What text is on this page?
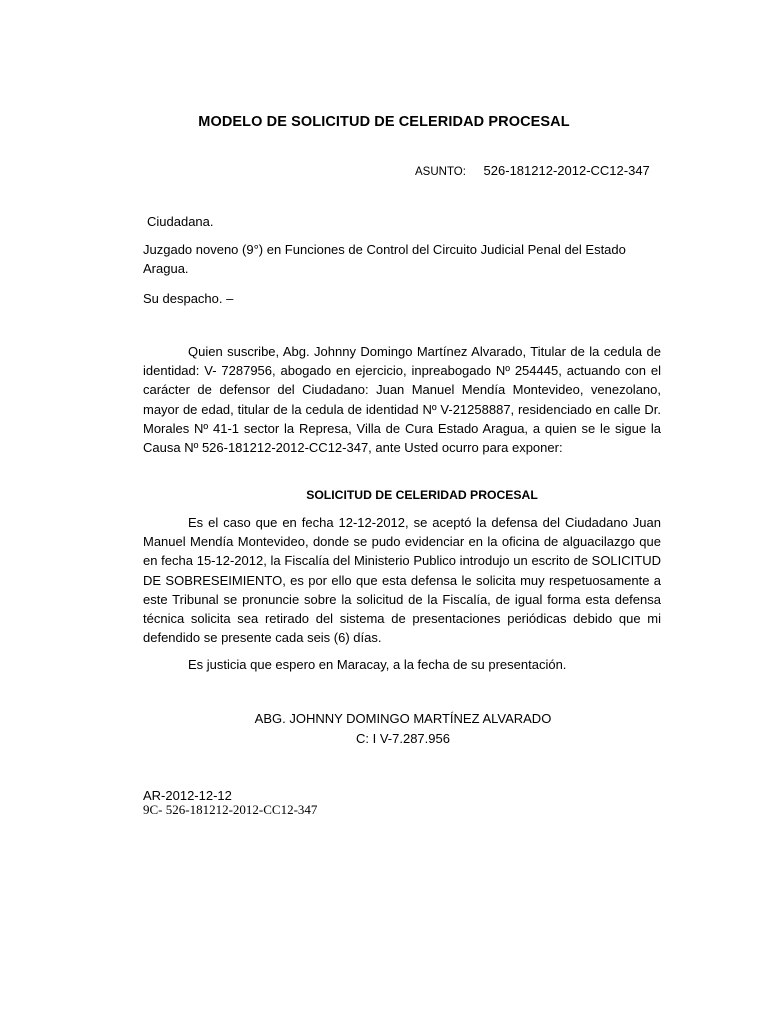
MODELO DE SOLICITUD DE CELERIDAD PROCESAL
ASUNTO: 526-181212-2012-CC12-347
Ciudadana.
Juzgado noveno (9°) en Funciones de Control del Circuito Judicial Penal del Estado Aragua.
Su despacho. –
Quien suscribe, Abg. Johnny Domingo Martínez Alvarado, Titular de la cedula de identidad: V- 7287956, abogado en ejercicio, inpreabogado Nº 254445, actuando con el carácter de defensor del Ciudadano: Juan Manuel Mendía Montevideo, venezolano, mayor de edad, titular de la cedula de identidad Nº V-21258887, residenciado en calle Dr. Morales Nº 41-1 sector la Represa, Villa de Cura Estado Aragua, a quien se le sigue la Causa Nº 526-181212-2012-CC12-347, ante Usted ocurro para exponer:
SOLICITUD DE CELERIDAD PROCESAL
Es el caso que en fecha 12-12-2012, se aceptó la defensa del Ciudadano Juan Manuel Mendía Montevideo, donde se pudo evidenciar en la oficina de alguacilazgo que en fecha 15-12-2012, la Fiscalía del Ministerio Publico introdujo un escrito de SOLICITUD DE SOBRESEIMIENTO, es por ello que esta defensa le solicita muy respetuosamente a este Tribunal se pronuncie sobre la solicitud de la Fiscalía, de igual forma esta defensa técnica solicita sea retirado del sistema de presentaciones periódicas debido que mi defendido se presente cada seis (6) días.
Es justicia que espero en Maracay, a la fecha de su presentación.
ABG. JOHNNY DOMINGO MARTÍNEZ ALVARADO
C: I V-7.287.956
AR-2012-12-12
9C- 526-181212-2012-CC12-347
